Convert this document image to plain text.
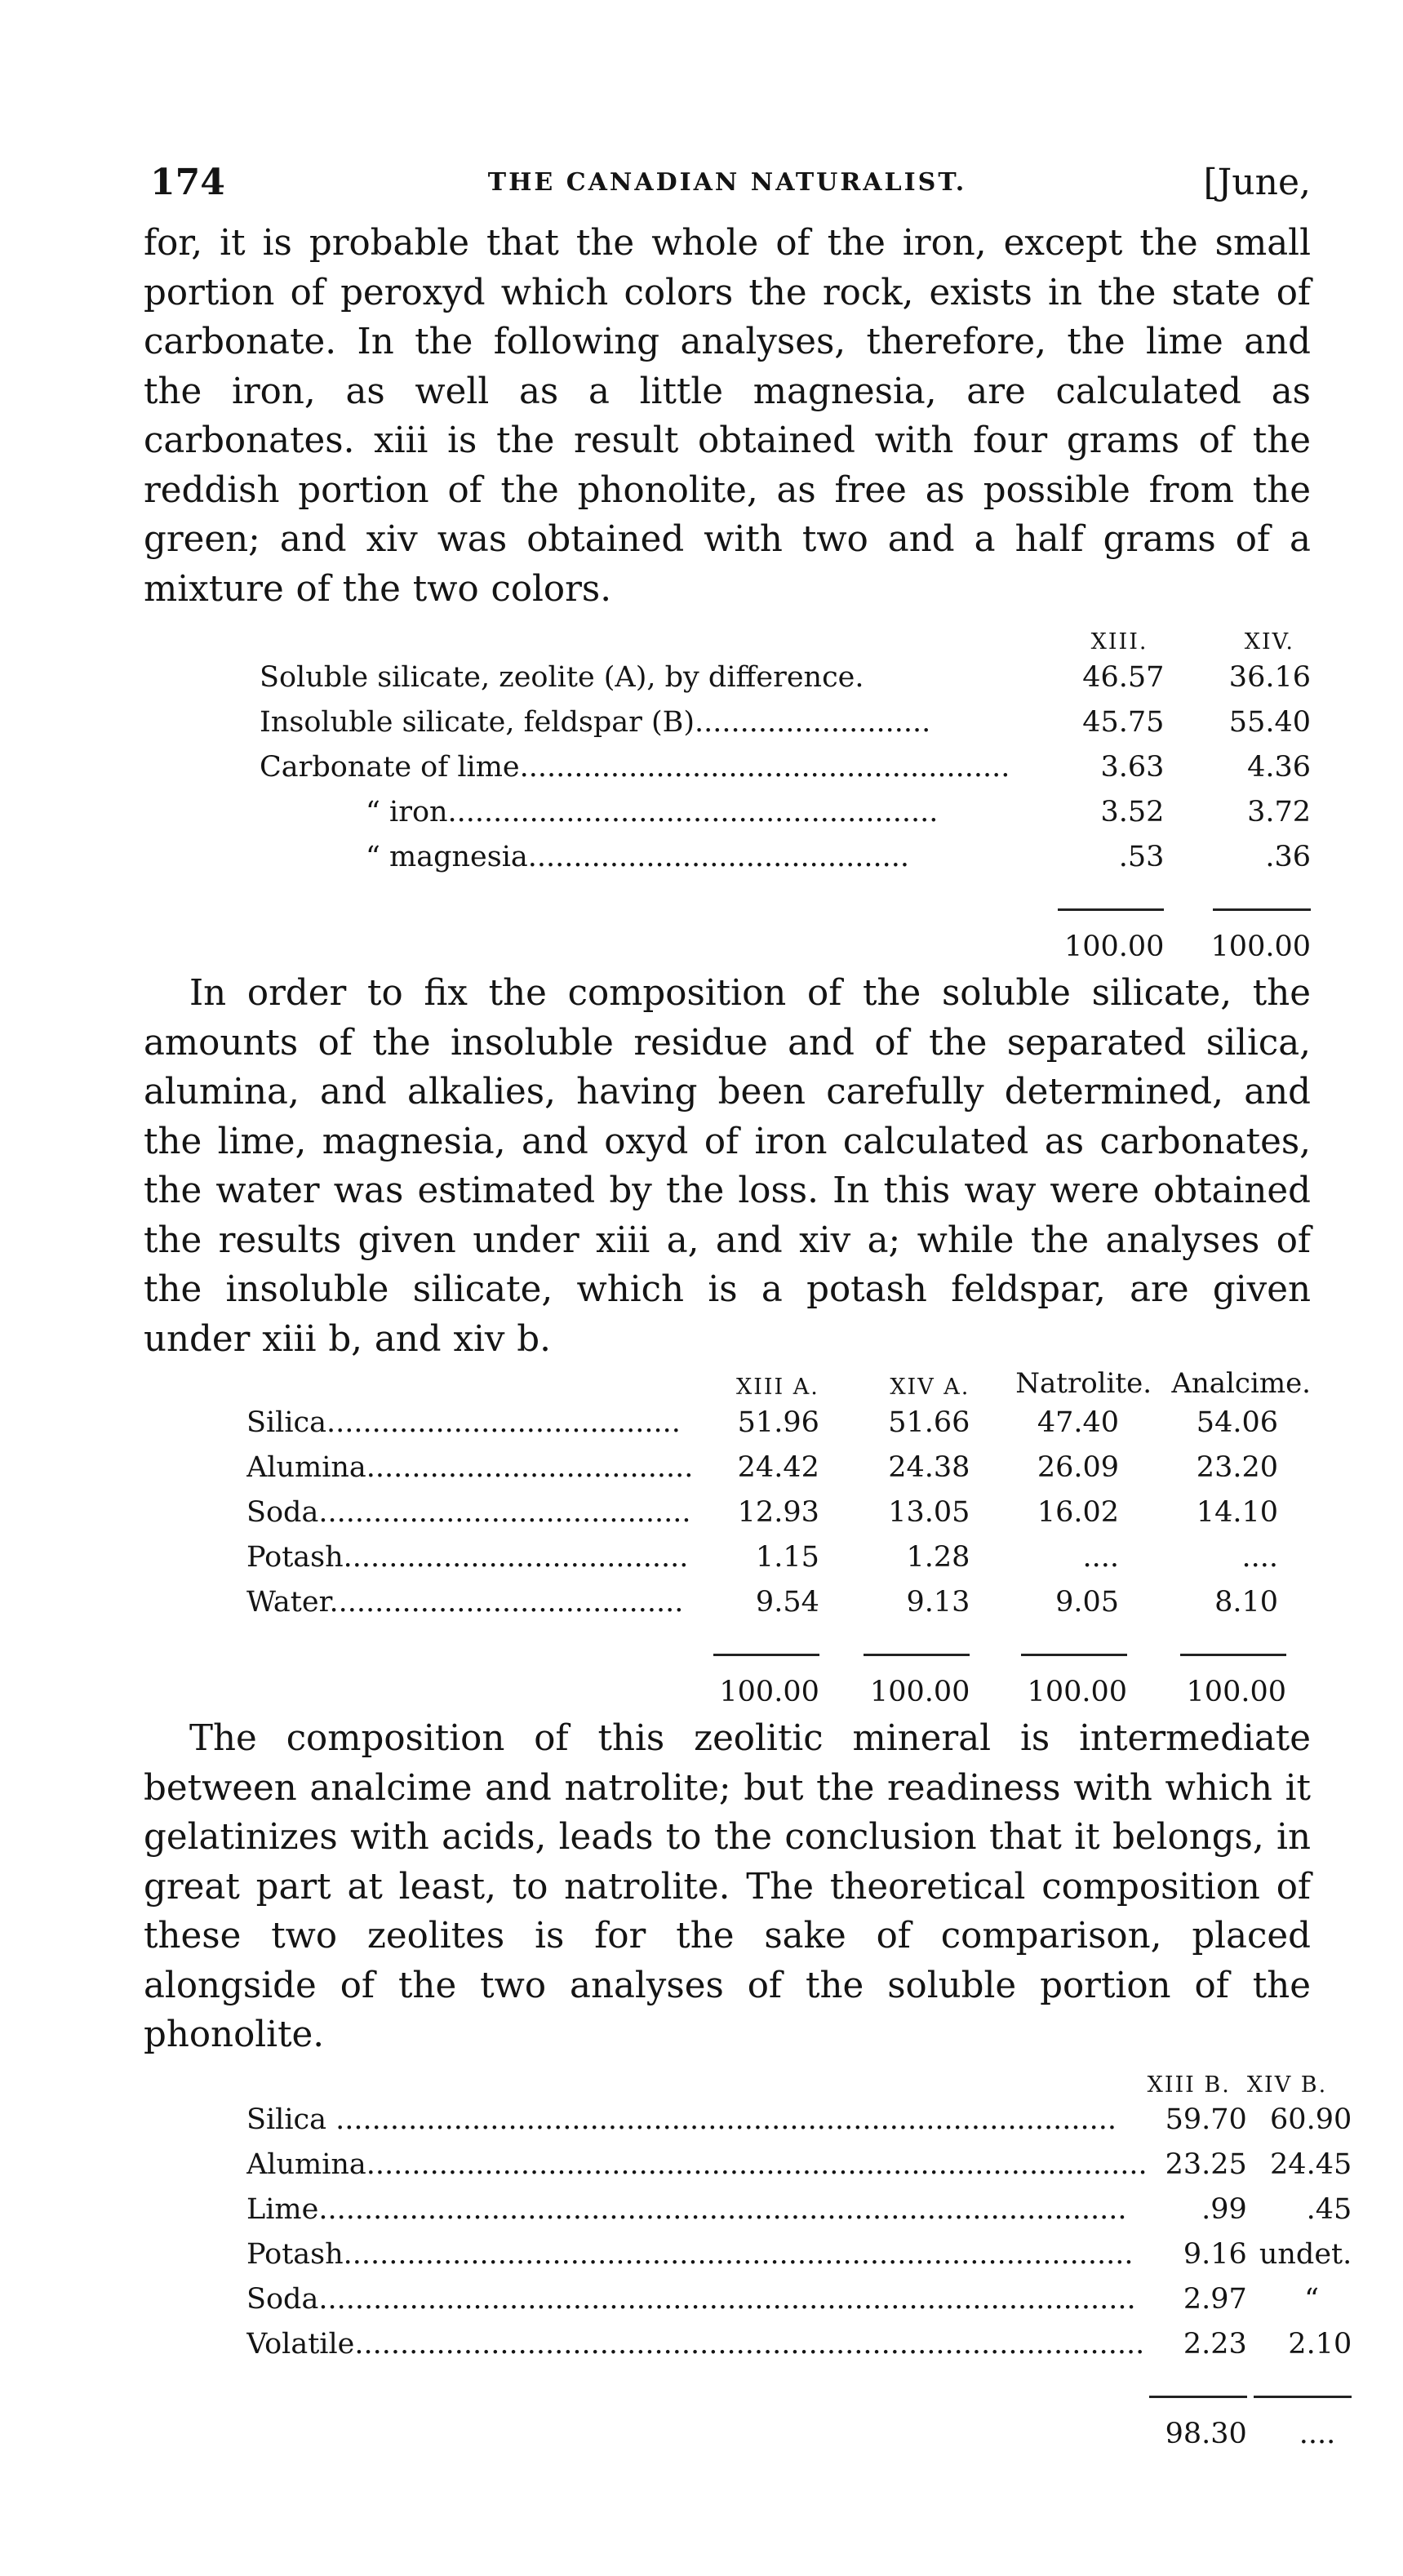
174	THE CANADIAN NATURALIST.	[June,

for, it is probable that the whole of the iron, except the small portion of peroxyd which colors the rock, exists in the state of carbonate. In the following analyses, therefore, the lime and the iron, as well as a little magnesia, are calculated as carbonates. xiii is the result obtained with four grams of the reddish portion of the phonolite, as free as possible from the green; and xiv was obtained with two and a half grams of a mixture of the two colors.

	XIII.	XIV.
Soluble silicate, zeolite (A), by difference.	46.57	36.16
Insoluble silicate, feldspar (B)..........................	45.75	55.40
Carbonate of lime......................................................	3.63	4.36
“ iron......................................................	3.52	3.72
“ magnesia..........................................	.53	.36

	100.00	100.00

In order to fix the composition of the soluble silicate, the amounts of the insoluble residue and of the separated silica, alumina, and alkalies, having been carefully determined, and the lime, magnesia, and oxyd of iron calculated as carbonates, the water was estimated by the loss. In this way were obtained the results given under xiii a, and xiv a; while the analyses of the insoluble silicate, which is a potash feldspar, are given under xiii b, and xiv b.

	XIII A.	XIV A.	Natrolite.	Analcime.
Silica.......................................	51.96	51.66	47.40	54.06
Alumina....................................	24.42	24.38	26.09	23.20
Soda.........................................	12.93	13.05	16.02	14.10
Potash......................................	1.15	1.28	....	....
Water.......................................	9.54	9.13	9.05	8.10

	100.00	100.00	100.00	100.00

The composition of this zeolitic mineral is intermediate between analcime and natrolite; but the readiness with which it gelatinizes with acids, leads to the conclusion that it belongs, in great part at least, to natrolite. The theoretical composition of these two zeolites is for the sake of comparison, placed alongside of the two analyses of the soluble portion of the phonolite.

	XIII B.	XIV B.
Silica ......................................................................................	59.70	60.90
Alumina......................................................................................	23.25	24.45
Lime.........................................................................................	.99	.45
Potash.......................................................................................	9.16	undet.
Soda..........................................................................................	2.97	“
Volatile.......................................................................................	2.23	2.10

	98.30	....
